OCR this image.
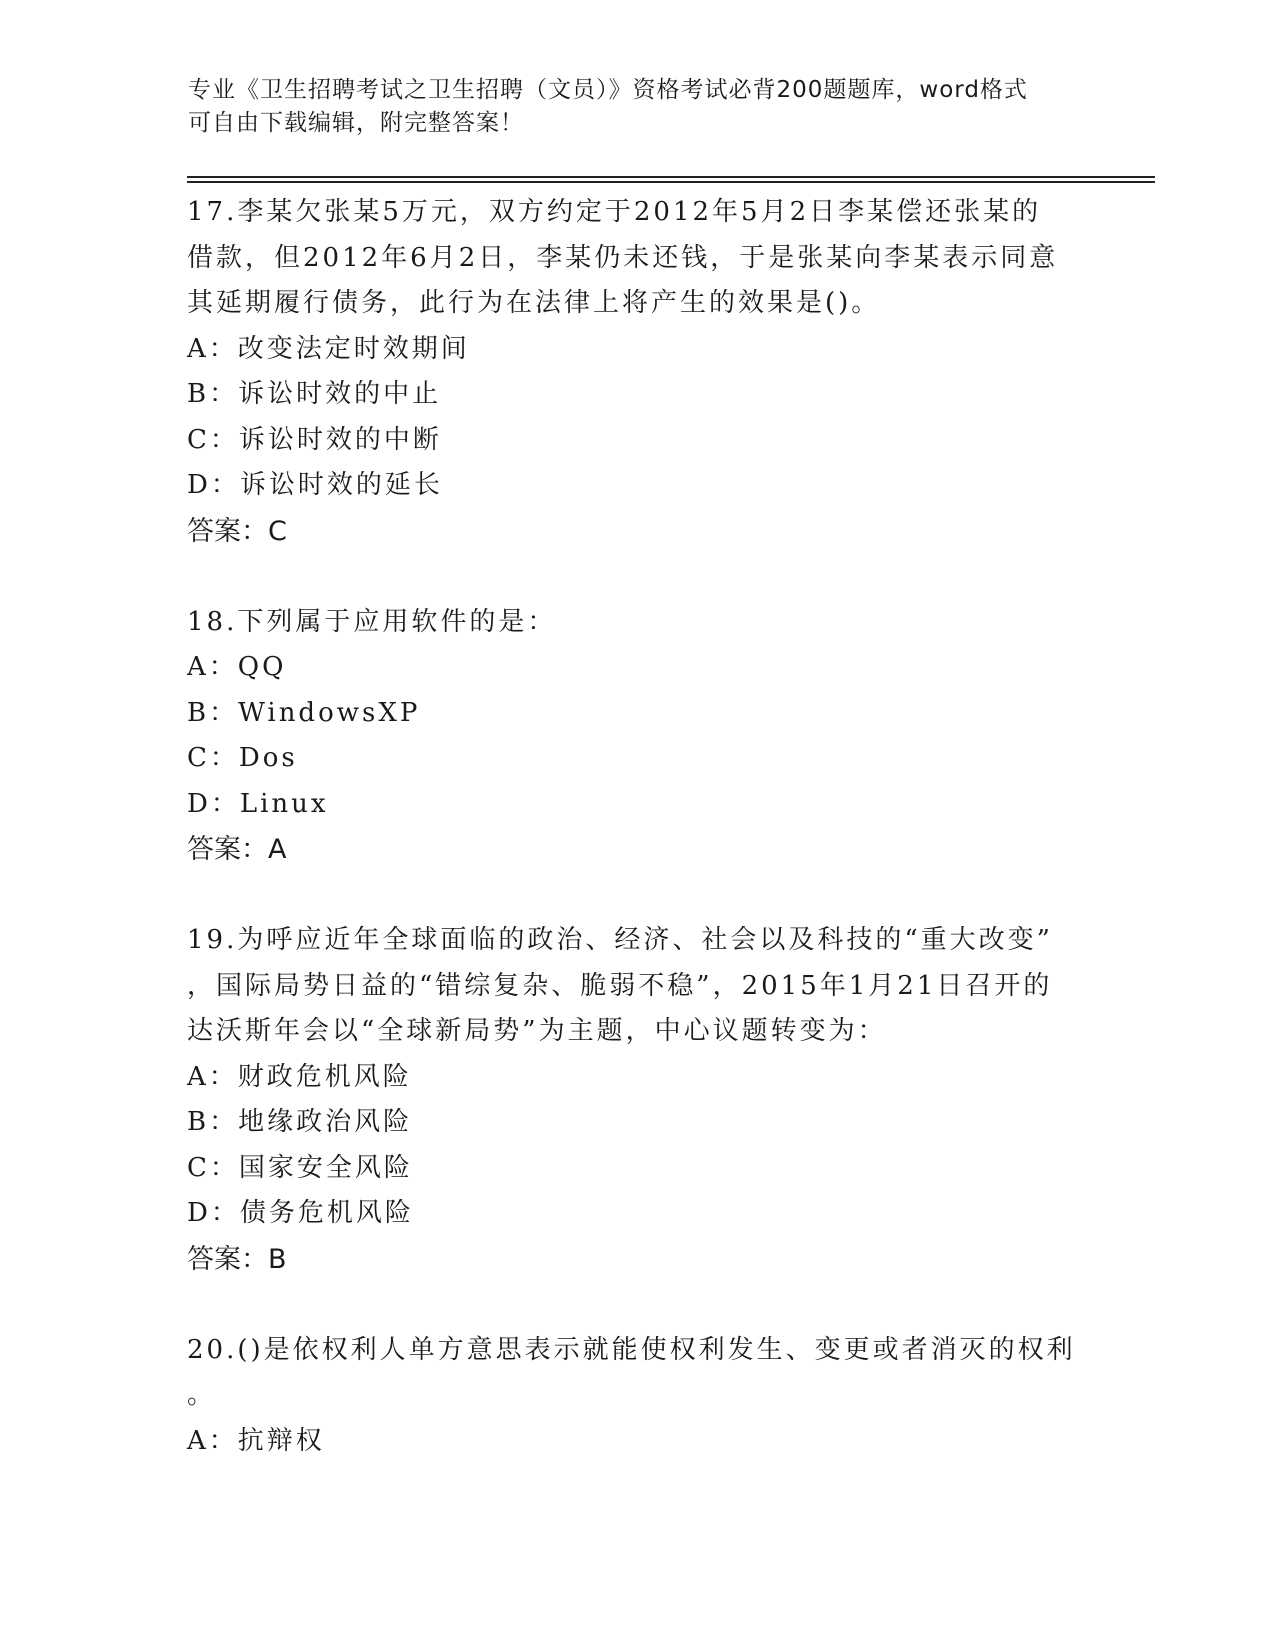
专业《卫生招聘考试之卫生招聘（文员）》资格考试必背200题题库，word格式
可自由下载编辑，附完整答案！

17.李某欠张某5万元，双方约定于2012年5月2日李某偿还张某的

借款，但2012年6月2日，李某仍未还钱，于是张某向李某表示同意

其延期履行债务，此行为在法律上将产生的效果是()。

A：改变法定时效期间

B：诉讼时效的中止

C：诉讼时效的中断

D：诉讼时效的延长

答案：C

18.下列属于应用软件的是：

A：QQ

B：WindowsXP

C：Dos

D：Linux

答案：A

19.为呼应近年全球面临的政治、经济、社会以及科技的“重大改变”

，国际局势日益的“错综复杂、脆弱不稳”，2015年1月21日召开的

达沃斯年会以“全球新局势”为主题，中心议题转变为：

A：财政危机风险

B：地缘政治风险

C：国家安全风险

D：债务危机风险

答案：B

20.()是依权利人单方意思表示就能使权利发生、变更或者消灭的权利

。

A：抗辩权
